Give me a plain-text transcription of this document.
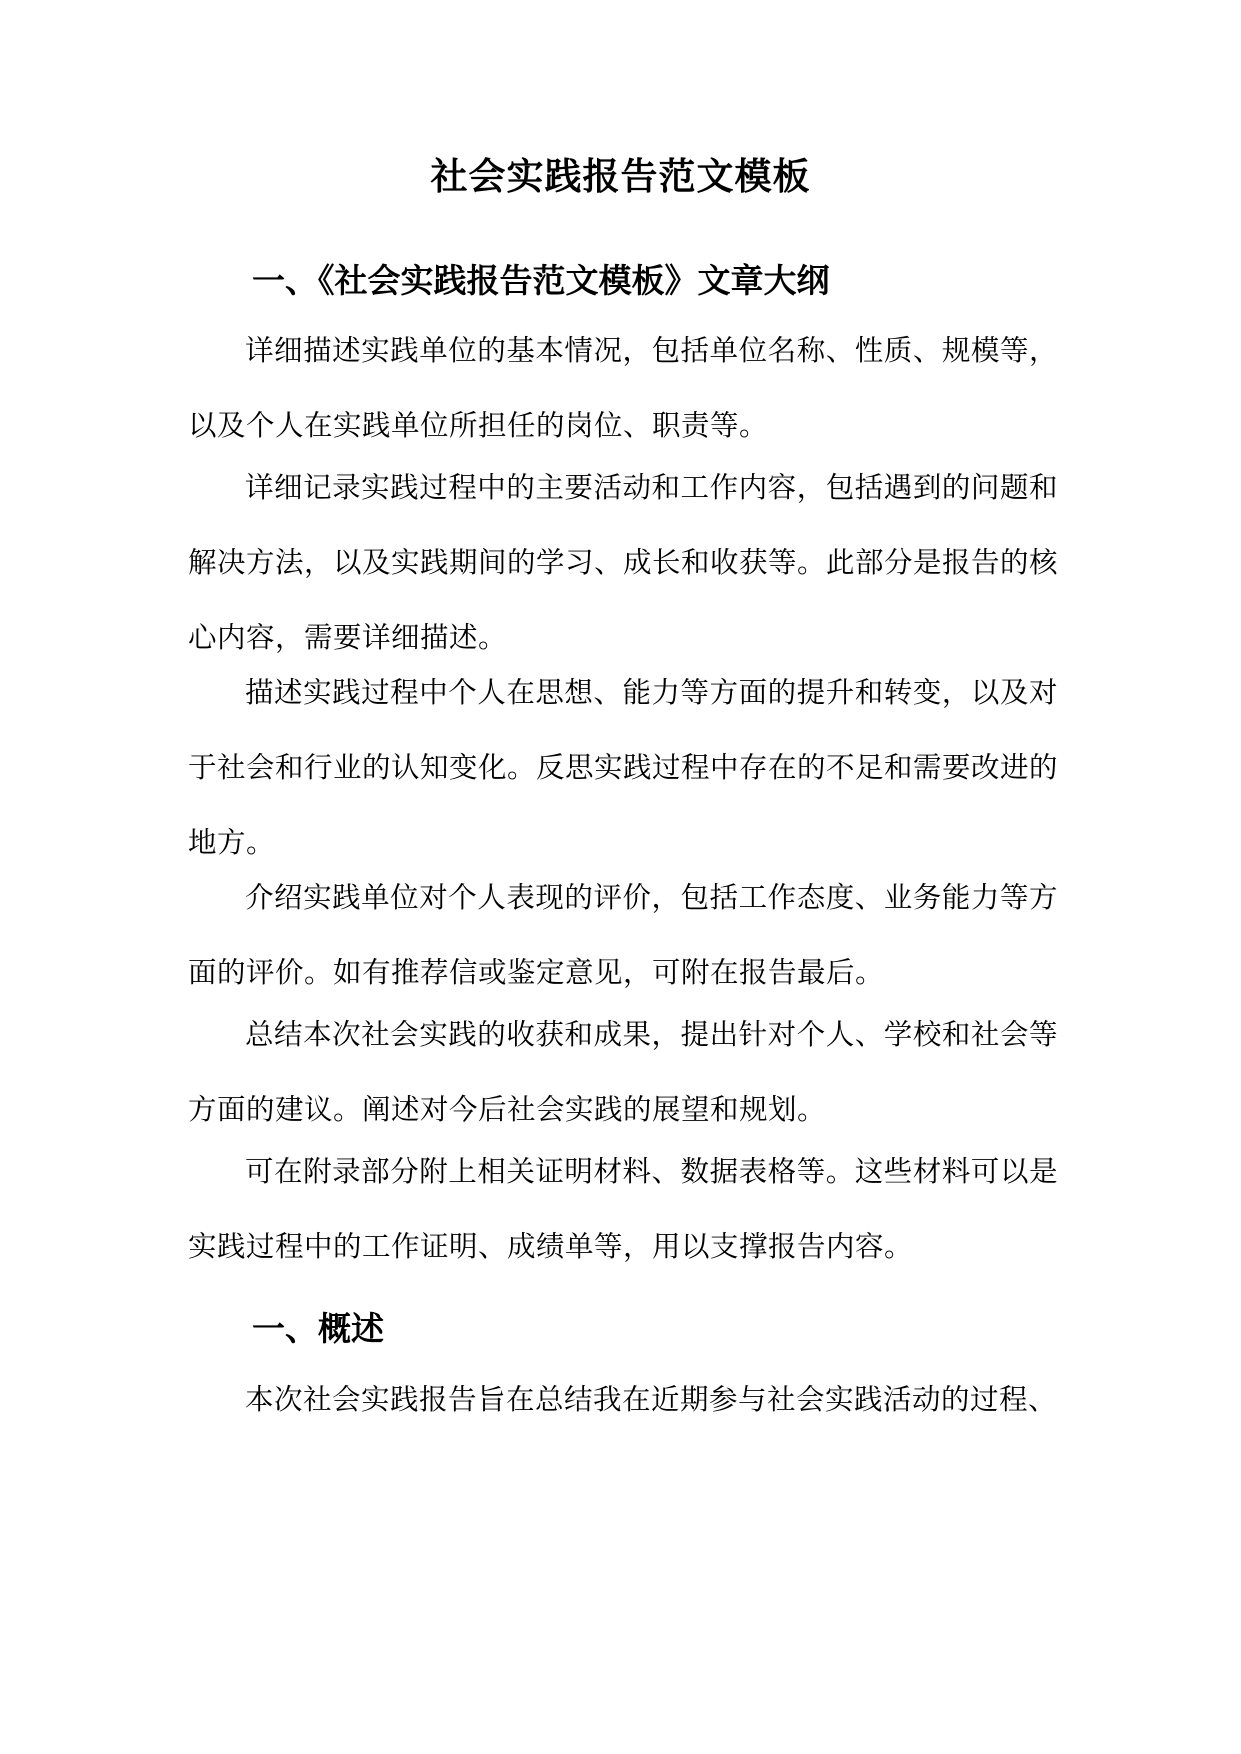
社会实践报告范文模板
一、《社会实践报告范文模板》文章大纲

详细描述实践单位的基本情况，包括单位名称、性质、规模等，以及个人在实践单位所担任的岗位、职责等。

详细记录实践过程中的主要活动和工作内容，包括遇到的问题和解决方法，以及实践期间的学习、成长和收获等。此部分是报告的核心内容，需要详细描述。

描述实践过程中个人在思想、能力等方面的提升和转变，以及对于社会和行业的认知变化。反思实践过程中存在的不足和需要改进的地方。

介绍实践单位对个人表现的评价，包括工作态度、业务能力等方面的评价。如有推荐信或鉴定意见，可附在报告最后。

总结本次社会实践的收获和成果，提出针对个人、学校和社会等方面的建议。阐述对今后社会实践的展望和规划。

可在附录部分附上相关证明材料、数据表格等。这些材料可以是实践过程中的工作证明、成绩单等，用以支撑报告内容。

一、概述

本次社会实践报告旨在总结我在近期参与社会实践活动的过程、
